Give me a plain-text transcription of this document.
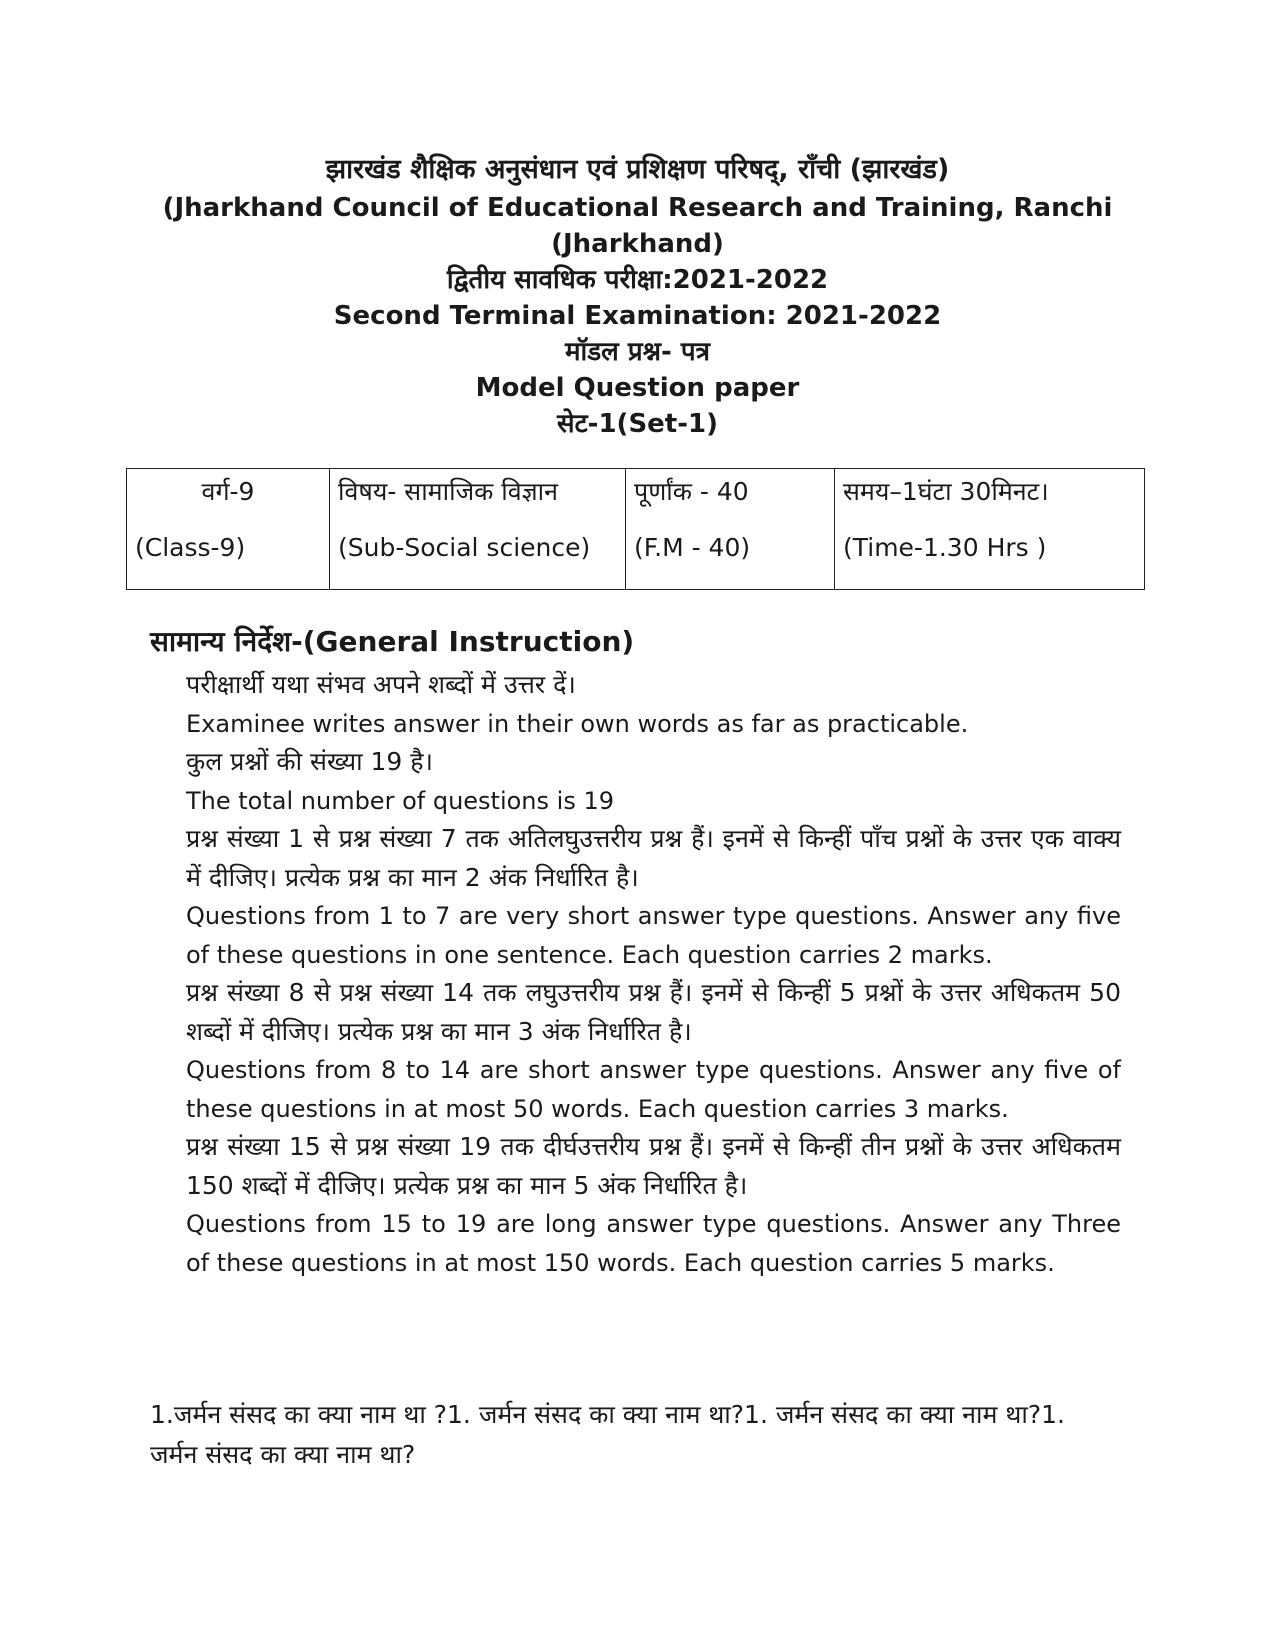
झारखंड शैक्षिक अनुसंधान एवं प्रशिक्षण परिषद्, राँची (झारखंड)
(Jharkhand Council of Educational Research and Training, Ranchi
(Jharkhand)
द्वितीय सावधिक परीक्षा:2021-2022
Second Terminal Examination: 2021-2022
मॉडल प्रश्न- पत्र
Model Question paper
सेट-1(Set-1)
वर्ग-9
(Class-9)

विषय- सामाजिक विज्ञान
(Sub-Social science)

पूर्णांक - 40
(F.M - 40)

समय–1घंटा 30मिनट।
(Time-1.30 Hrs )
सामान्य निर्देश-(General Instruction)

परीक्षार्थी यथा संभव अपने शब्दों में उत्तर दें।

Examinee writes answer in their own words as far as practicable.

कुल प्रश्नों की संख्या 19 है।

The total number of questions is 19

प्रश्न संख्या 1 से प्रश्न संख्या 7 तक अतिलघुउत्तरीय प्रश्न हैं। इनमें से किन्हीं पाँच प्रश्नों के उत्तर एक वाक्य में दीजिए। प्रत्येक प्रश्न का मान 2 अंक निर्धारित है।

Questions from 1 to 7 are very short answer type questions. Answer any five of these questions in one sentence. Each question carries 2 marks.

प्रश्न संख्या 8 से प्रश्न संख्या 14 तक लघुउत्तरीय प्रश्न हैं। इनमें से किन्हीं 5 प्रश्नों के उत्तर अधिकतम 50 शब्दों में दीजिए। प्रत्येक प्रश्न का मान 3 अंक निर्धारित है।

Questions from 8 to 14 are short answer type questions. Answer any five of these questions in at most 50 words. Each question carries 3 marks.

प्रश्न संख्या 15 से प्रश्न संख्या 19 तक दीर्घउत्तरीय प्रश्न हैं। इनमें से किन्हीं तीन प्रश्नों के उत्तर अधिकतम 150 शब्दों में दीजिए। प्रत्येक प्रश्न का मान 5 अंक निर्धारित है।

Questions from 15 to 19 are long answer type questions. Answer any Three of these questions in at most 150 words. Each question carries 5 marks.

1.जर्मन संसद का क्या नाम था ?1. जर्मन संसद का क्या नाम था?1. जर्मन संसद का क्या नाम था?1. जर्मन संसद का क्या नाम था?
